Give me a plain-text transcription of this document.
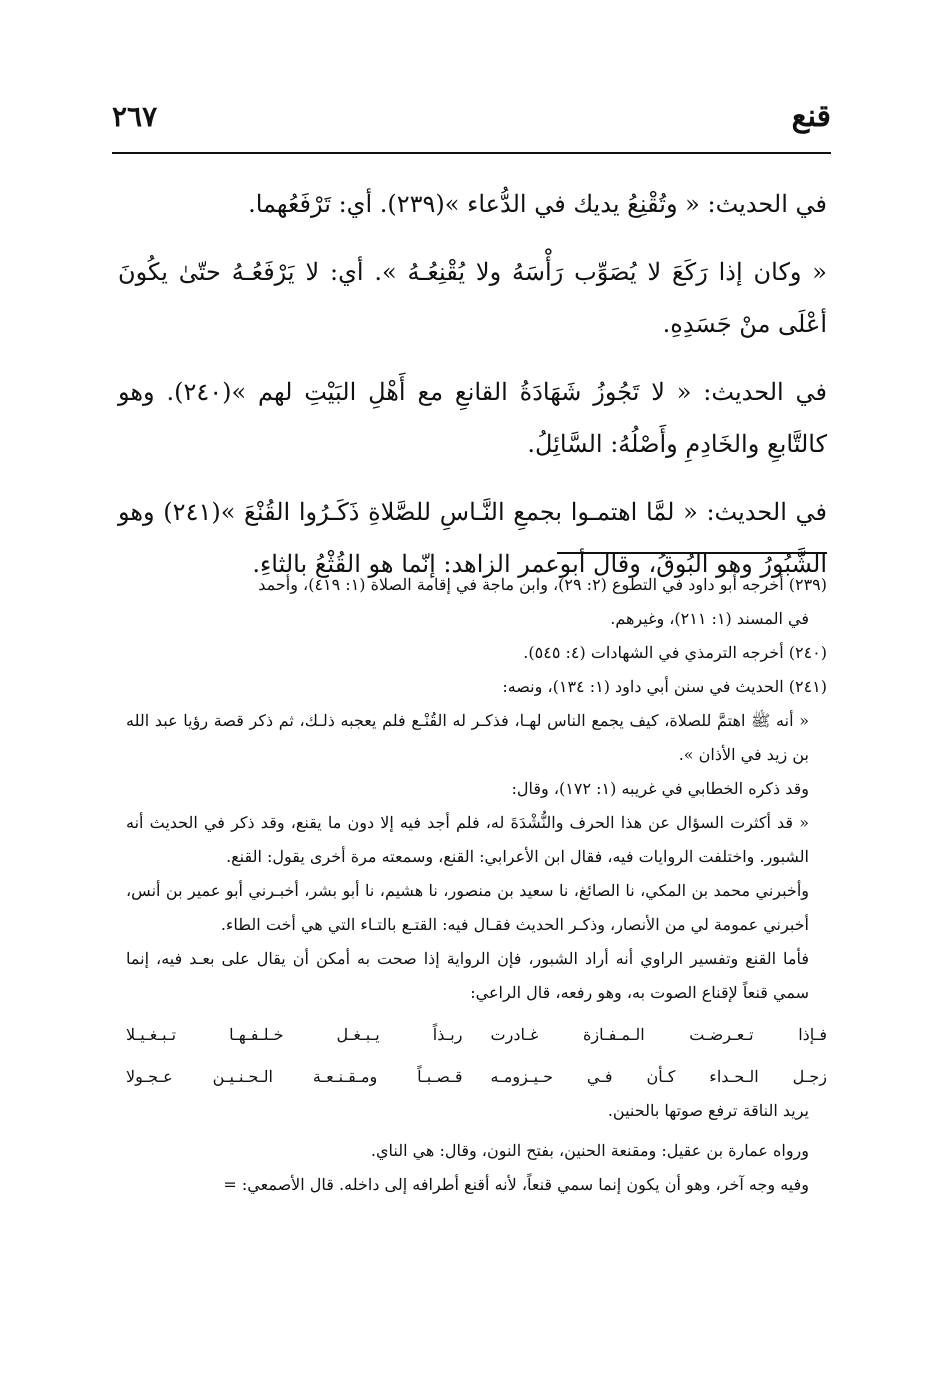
٢٦٧	قنع

في الحديث: « وتُقْنِعُ يديك في الدُّعاء »(٢٣٩). أي: تَرْفَعُهما.

« وكان إذا رَكَعَ لا يُصَوِّب رَأْسَهُ ولا يُقْنِعُـهُ ». أي: لا يَرْفَعُـهُ حتّىٰ يكُونَ أعْلَى منْ جَسَدِهِ.

في الحديث: « لا تَجُوزُ شَهَادَةُ القانعِ مع أَهْلِ البَيْتِ لهم »(٢٤٠). وهو كالتَّابعِ والخَادِمِ وأَصْلُهُ: السَّائِلُ.

في الحديث: « لمَّا اهتمـوا بجمعِ النَّـاسِ للصَّلاةِ ذَكَـرُوا القُنْعَ »(٢٤١) وهو الشَّبُورُ وهو البُوقُ، وقال أبوعمر الزاهد: إنّما هو القُثْعُ بالثاءِ.

(٢٣٩) أخرجه أبو داود في التطوع (٢: ٢٩)، وابن ماجة في إقامة الصلاة (١: ٤١٩)، وأحمد

في المسند (١: ٢١١)، وغيرهم.

(٢٤٠) أخرجه الترمذي في الشهادات (٤: ٥٤٥).

(٢٤١) الحديث في سنن أبي داود (١: ١٣٤)، ونصه:

« أنه ﷺ اهتمَّ للصلاة، كيف يجمع الناس لهـا، فذكـر له القُنْـع فلم يعجبه ذلـك، ثم ذكر قصة رؤيا عبد الله بن زيد في الأذان ».

وقد ذكره الخطابي في غريبه (١: ١٧٢)، وقال:

« قد أكثرت السؤال عن هذا الحرف والنُّشْدَةَ له، فلم أجد فيه إلا دون ما يقنع، وقد ذكر في الحديث أنه الشبور. واختلفت الروايات فيه، فقال ابن الأعرابي: القنع، وسمعته مرة أخرى يقول: القنع.

وأخبرني محمد بن المكي، نا الصائغ، نا سعيد بن منصور، نا هشيم، نا أبو بشر، أخبـرني أبو عمير بن أنس، أخبرني عمومة لي من الأنصار، وذكـر الحديث فقـال فيه: القتـع بالتـاء التي هي أخت الطاء.

فأما القنع وتفسير الراوي أنه أراد الشبور، فإن الرواية إذا صحت به أمكن أن يقال على بعـد فيه، إنما سمي قنعاً لإقناع الصوت به، وهو رفعه، قال الراعي:

فـإذا تـعـرضـت الـمـفـازة غـادرت
ربـذاً يـبـغـل خـلـفـهـا تـبـغـيـلا
زجـل الـحـداء كـأن فـي حـيـزومـه
قـصـبـاً ومـقـنـعـة الـحـنـيـن عـجـولا

يريد الناقة ترفع صوتها بالحنين.

ورواه عمارة بن عقيل: ومقنعة الحنين، بفتح النون، وقال: هي الناي.

وفيه وجه آخر، وهو أن يكون إنما سمي قنعاً، لأنه أقنع أطرافه إلى داخله. قال الأصمعي: =
